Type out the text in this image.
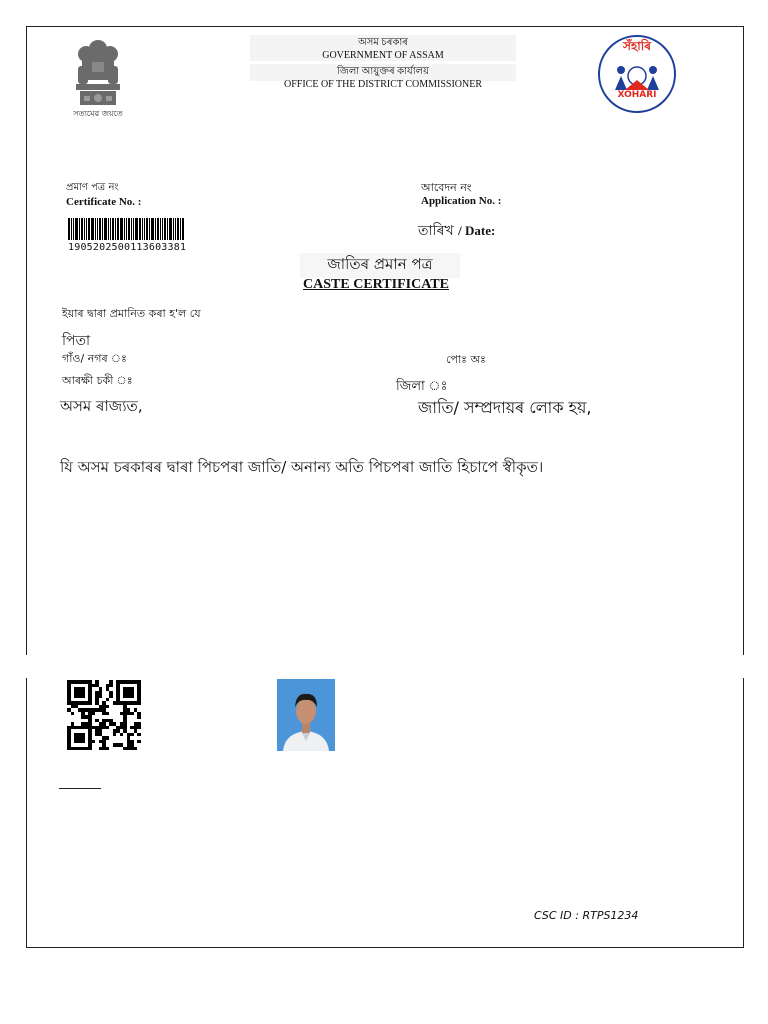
সত্যমেৱ জয়তে
অসম চৰকাৰ
GOVERNMENT OF ASSAM
জিলা আয়ুক্তৰ কাৰ্যালয়
OFFICE OF THE DISTRICT COMMISSIONER
সঁহাৰি
XOHARI
প্ৰমাণ পত্ৰ নং
Certificate No. :
আবেদন নং
Application No. :
তাৰিখ / Date:
1905202500113603381
জাতিৰ প্ৰমান পত্ৰ
CASTE CERTIFICATE
ইয়াৰ দ্বাৰা প্ৰমানিত কৰা হ'ল যে
পিতা
গাঁও/ নগৰ ঃ	পোঃ অঃ
আৰক্ষী চকী ঃ	জিলা ঃ
অসম ৰাজ্যত,	জাতি/ সম্প্ৰদায়ৰ লোক হয়,
যি অসম চৰকাৰৰ দ্বাৰা পিচপৰা জাতি/ অনান্য অতি পিচপৰা জাতি হিচাপে স্বীকৃত।
CSC ID : RTPS1234
